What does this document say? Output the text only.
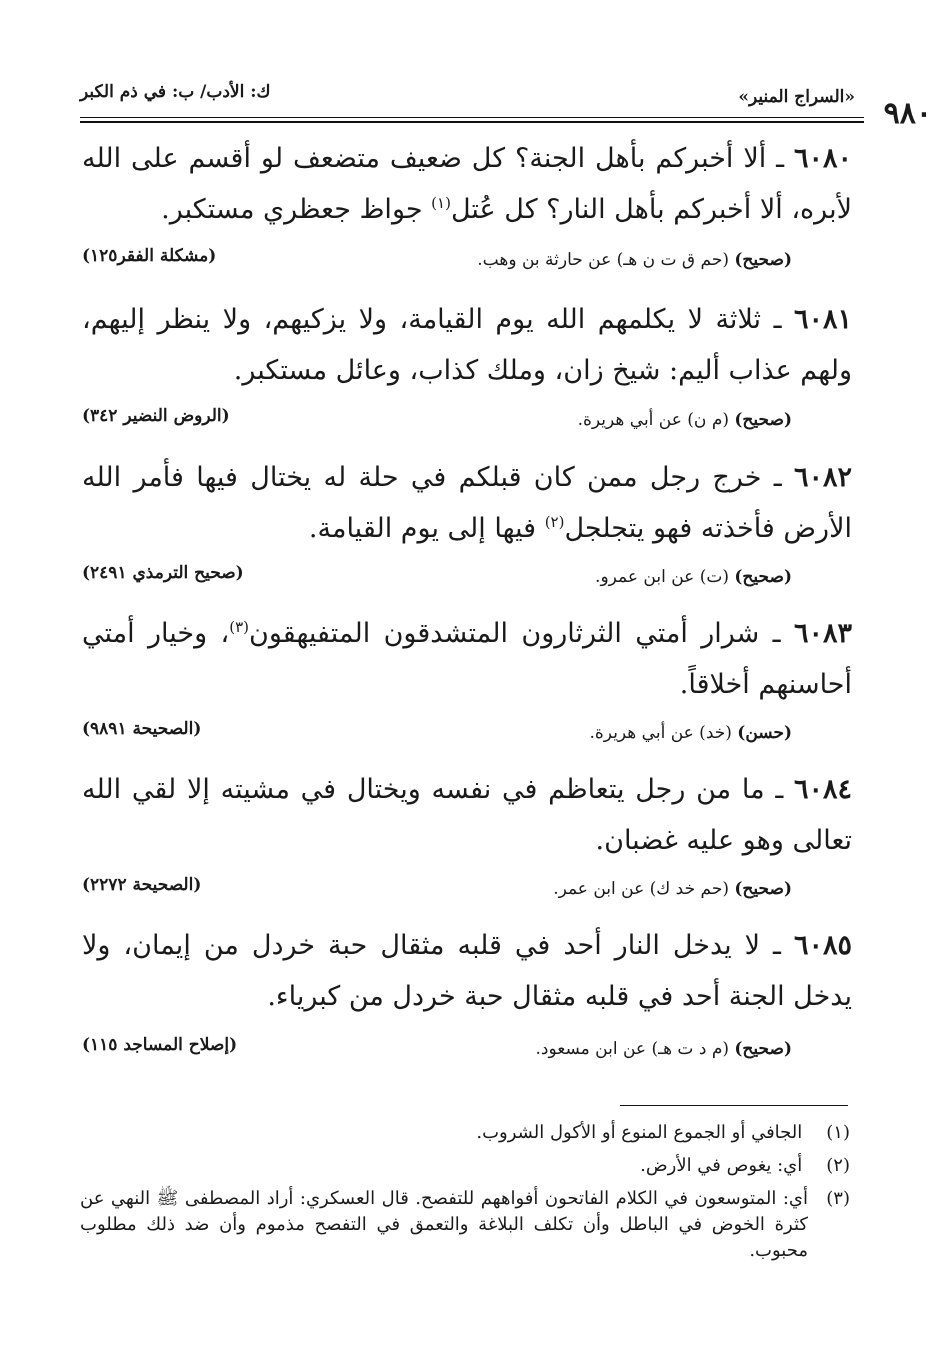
ك: الأدب/ ب: في ذم الكبر	«السراج المنير» ٩٨٠
٦٠٨٠ ـ ألا أخبركم بأهل الجنة؟ كل ضعيف متضعف لو أقسم على الله لأبره، ألا أخبركم بأهل النار؟ كل عُتل$^{(١)}$ جواظ جعظري مستكبر.
(صحيح) (حم ق ت ن هـ) عن حارثة بن وهب.
(مشكلة الفقر١٢٥)
٦٠٨١ ـ ثلاثة لا يكلمهم الله يوم القيامة، ولا يزكيهم، ولا ينظر إليهم، ولهم عذاب أليم: شيخ زان، وملك كذاب، وعائل مستكبر.
(صحيح) (م ن) عن أبي هريرة.
(الروض النضير ٣٤٢)
٦٠٨٢ ـ خرج رجل ممن كان قبلكم في حلة له يختال فيها فأمر الله الأرض فأخذته فهو يتجلجل$^{(٢)}$ فيها إلى يوم القيامة.
(صحيح) (ت) عن ابن عمرو.
(صحيح الترمذي ٢٤٩١)
٦٠٨٣ ـ شرار أمتي الثرثارون المتشدقون المتفيهقون$^{(٣)}$، وخيار أمتي أحاسنهم أخلاقاً.
(حسن) (خد) عن أبي هريرة.
(الصحيحة ٩٨٩١)
٦٠٨٤ ـ ما من رجل يتعاظم في نفسه ويختال في مشيته إلا لقي الله تعالى وهو عليه غضبان.
(صحيح) (حم خد ك) عن ابن عمر.
(الصحيحة ٢٢٧٢)
٦٠٨٥ ـ لا يدخل النار أحد في قلبه مثقال حبة خردل من إيمان، ولا يدخل الجنة أحد في قلبه مثقال حبة خردل من كبرياء.
(صحيح) (م د ت هـ) عن ابن مسعود.
(إصلاح المساجد ١١٥)
(١) الجافي أو الجموع المنوع أو الأكول الشروب.
(٢) أي: يغوص في الأرض.
(٣)
أي: المتوسعون في الكلام الفاتحون أفواههم للتفصح. قال العسكري: أراد المصطفى ﷺ النهي عن كثرة الخوض في الباطل وأن تكلف البلاغة والتعمق في التفصح مذموم وأن ضد ذلك مطلوب محبوب.
